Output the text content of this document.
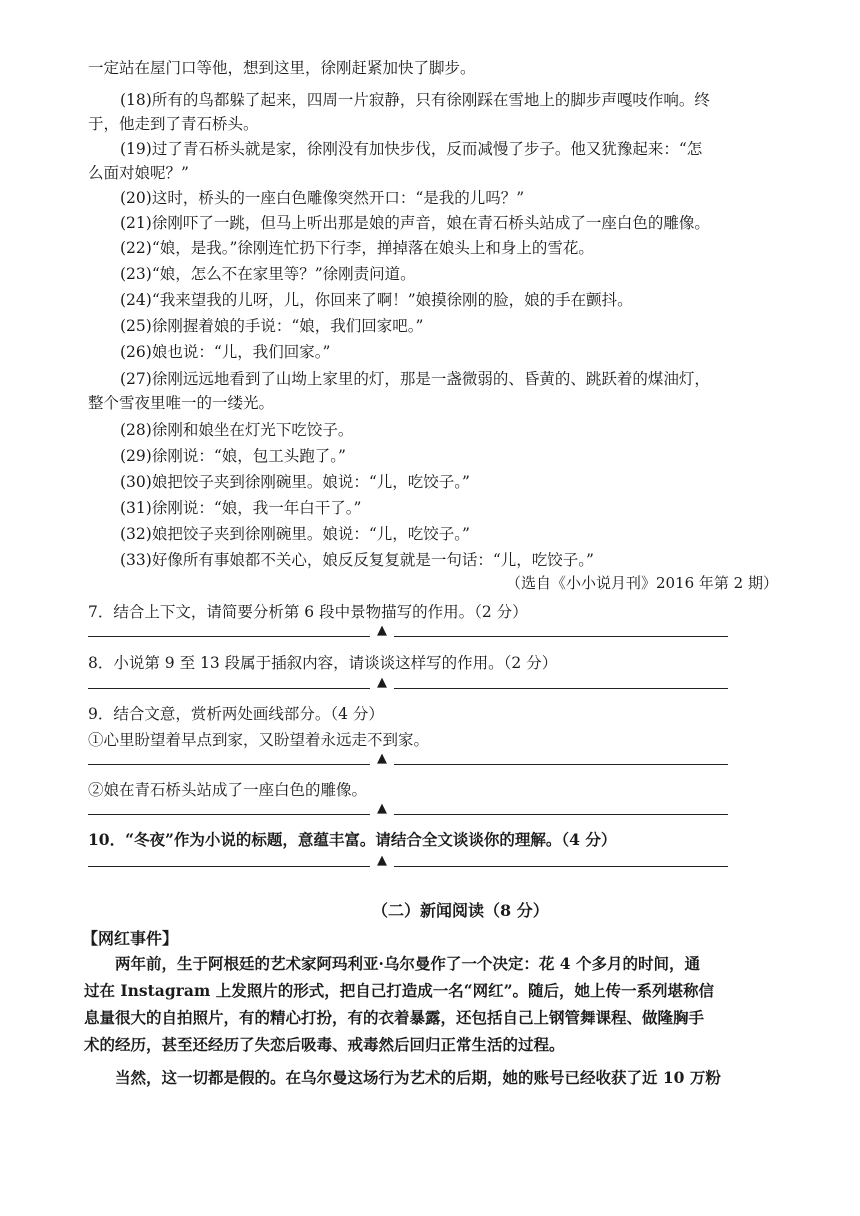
一定站在屋门口等他，想到这里，徐刚赶紧加快了脚步。

(18)所有的鸟都躲了起来，四周一片寂静，只有徐刚踩在雪地上的脚步声嘎吱作响。终

于，他走到了青石桥头。

(19)过了青石桥头就是家，徐刚没有加快步伐，反而减慢了步子。他又犹豫起来：“怎

么面对娘呢？”

(20)这时，桥头的一座白色雕像突然开口：“是我的儿吗？”

(21)徐刚吓了一跳，但马上听出那是娘的声音，娘在青石桥头站成了一座白色的雕像。

(22)“娘，是我。”徐刚连忙扔下行李，掸掉落在娘头上和身上的雪花。

(23)“娘，怎么不在家里等？”徐刚责问道。

(24)“我来望我的儿呀，儿，你回来了啊！”娘摸徐刚的脸，娘的手在颤抖。

(25)徐刚握着娘的手说：“娘，我们回家吧。”

(26)娘也说：“儿，我们回家。”

(27)徐刚远远地看到了山坳上家里的灯，那是一盏微弱的、昏黄的、跳跃着的煤油灯，

整个雪夜里唯一的一缕光。

(28)徐刚和娘坐在灯光下吃饺子。

(29)徐刚说：“娘，包工头跑了。”

(30)娘把饺子夹到徐刚碗里。娘说：“儿，吃饺子。”

(31)徐刚说：“娘，我一年白干了。”

(32)娘把饺子夹到徐刚碗里。娘说：“儿，吃饺子。”

(33)好像所有事娘都不关心，娘反反复复就是一句话：“儿，吃饺子。”

（选自《小小说月刊》2016 年第 2 期）
7．结合上下文，请简要分析第 6 段中景物描写的作用。（2 分）
▲
8．小说第 9 至 13 段属于插叙内容，请谈谈这样写的作用。（2 分）
▲
9．结合文意，赏析两处画线部分。（4 分）
①心里盼望着早点到家，又盼望着永远走不到家。
▲
②娘在青石桥头站成了一座白色的雕像。
▲
10．“冬夜”作为小说的标题，意蕴丰富。请结合全文谈谈你的理解。（4 分）
▲
（二）新闻阅读（8 分）
【网红事件】
　　两年前，生于阿根廷的艺术家阿玛利亚·乌尔曼作了一个决定：花 4 个多月的时间，通
过在 Instagram 上发照片的形式，把自己打造成一名“网红”。随后，她上传一系列堪称信
息量很大的自拍照片，有的精心打扮，有的衣着暴露，还包括自己上钢管舞课程、做隆胸手
术的经历，甚至还经历了失恋后吸毒、戒毒然后回归正常生活的过程。
　　当然，这一切都是假的。在乌尔曼这场行为艺术的后期，她的账号已经收获了近 10 万粉
